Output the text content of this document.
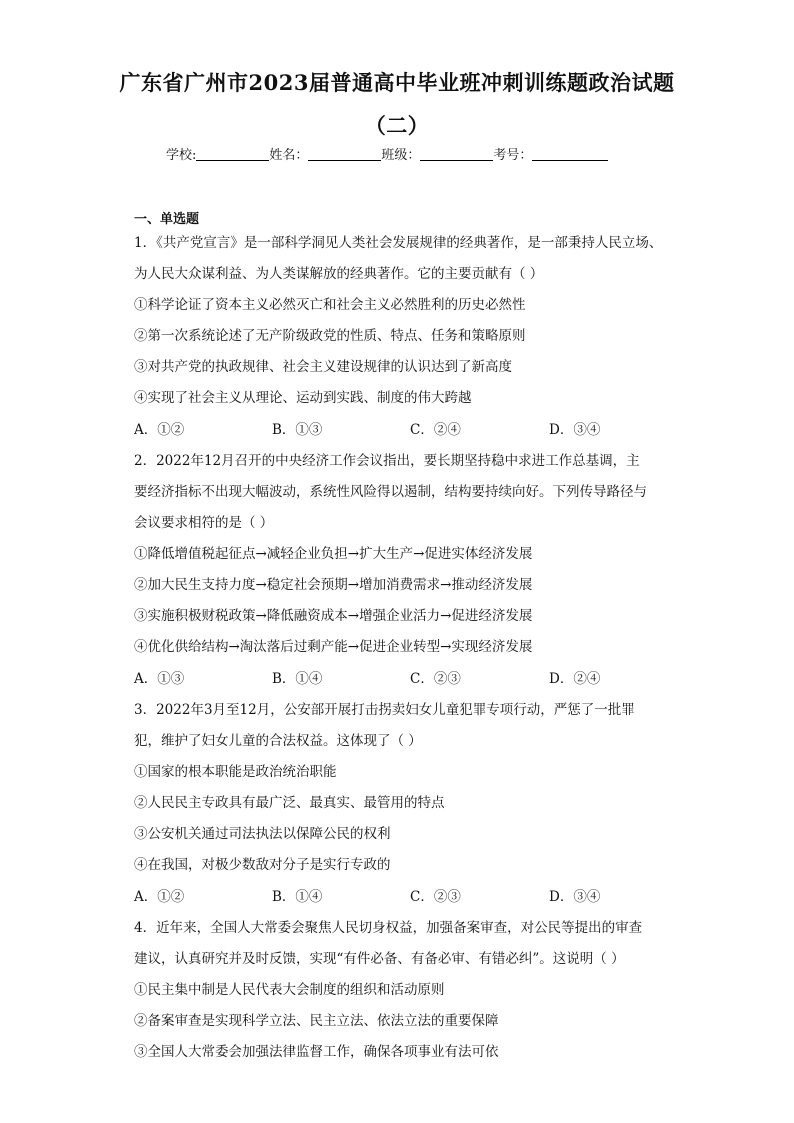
广东省广州市2023届普通高中毕业班冲刺训练题政治试题
（二）
学校:	姓名：	班级：	考号：
一、单选题
1．《共产党宣言》是一部科学洞见人类社会发展规律的经典著作，是一部秉持人民立场、
为人民大众谋利益、为人类谋解放的经典著作。它的主要贡献有（ ）
①科学论证了资本主义必然灭亡和社会主义必然胜利的历史必然性
②第一次系统论述了无产阶级政党的性质、特点、任务和策略原则
③对共产党的执政规律、社会主义建设规律的认识达到了新高度
④实现了社会主义从理论、运动到实践、制度的伟大跨越
A．①②	B．①③	C．②④	D．③④
2．2022年12月召开的中央经济工作会议指出，要长期坚持稳中求进工作总基调，主
要经济指标不出现大幅波动，系统性风险得以遏制，结构要持续向好。下列传导路径与
会议要求相符的是（ ）
①降低增值税起征点→减轻企业负担→扩大生产→促进实体经济发展
②加大民生支持力度→稳定社会预期→增加消费需求→推动经济发展
③实施积极财税政策→降低融资成本→增强企业活力→促进经济发展
④优化供给结构→淘汰落后过剩产能→促进企业转型→实现经济发展
A．①③	B．①④	C．②③	D．②④
3．2022年3月至12月，公安部开展打击拐卖妇女儿童犯罪专项行动，严惩了一批罪
犯，维护了妇女儿童的合法权益。这体现了（ ）
①国家的根本职能是政治统治职能
②人民民主专政具有最广泛、最真实、最管用的特点
③公安机关通过司法执法以保障公民的权利
④在我国，对极少数敌对分子是实行专政的
A．①②	B．①④	C．②③	D．③④
4．近年来，全国人大常委会聚焦人民切身权益，加强备案审查，对公民等提出的审查
建议，认真研究并及时反馈，实现“有件必备、有备必审、有错必纠”。这说明（ ）
①民主集中制是人民代表大会制度的组织和活动原则
②备案审查是实现科学立法、民主立法、依法立法的重要保障
③全国人大常委会加强法律监督工作，确保各项事业有法可依
